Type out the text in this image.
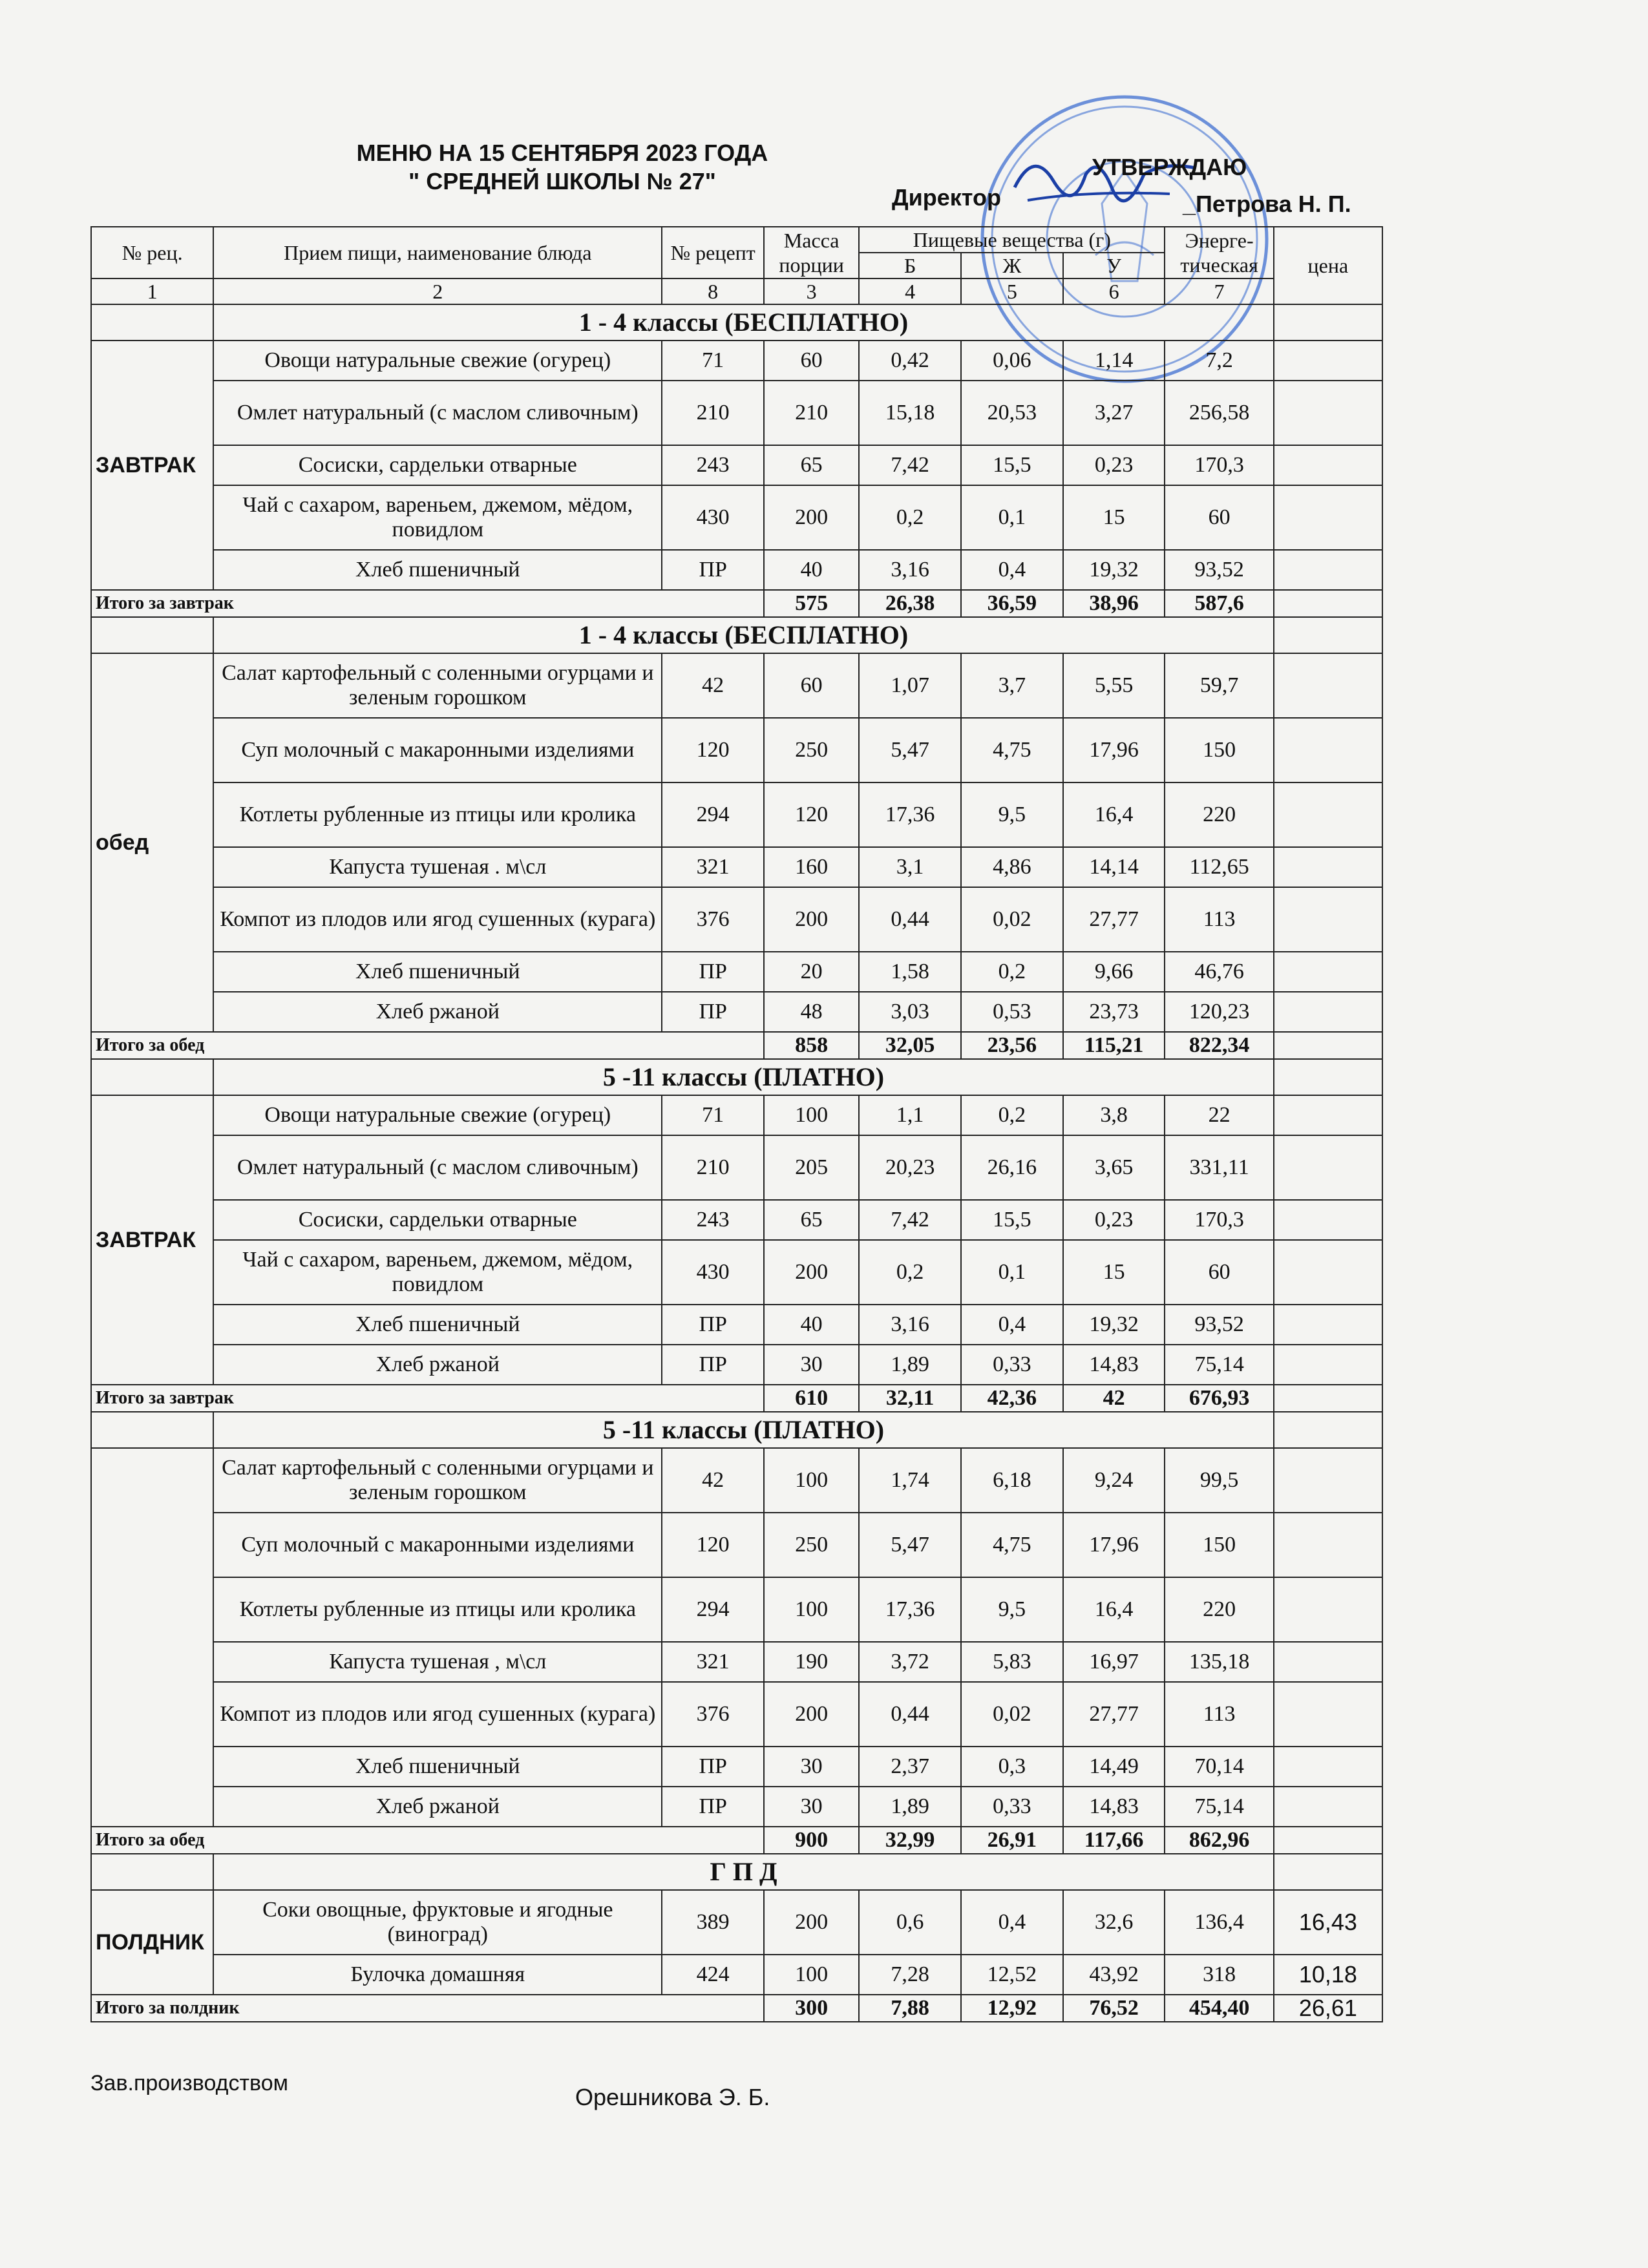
МЕНЮ НА 15 СЕНТЯБРЯ 2023 ГОДА
" СРЕДНЕЙ ШКОЛЫ № 27"
УТВЕРЖДАЮ
Директор	_Петрова Н. П.
№ рец.	Прием пищи, наименование блюда	№ рецепт	Масса порции	Пищевые вещества (г)			Энерге-тическая	цена
				Б	Ж	У		
1	2	8	3	4	5	6	7	
	1 - 4 классы (БЕСПЛАТНО)							
ЗАВТРАК	Овощи натуральные свежие (огурец)	71	60	0,42	0,06	1,14	7,2	
	Омлет натуральный (с маслом сливочным)	210	210	15,18	20,53	3,27	256,58	
	Сосиски, сардельки отварные	243	65	7,42	15,5	0,23	170,3	
	Чай с сахаром, вареньем, джемом, мёдом, повидлом	430	200	0,2	0,1	15	60	
	Хлеб пшеничный	ПР	40	3,16	0,4	19,32	93,52	
Итого за завтрак			575	26,38	36,59	38,96	587,6	
	1 - 4 классы (БЕСПЛАТНО)							
обед	Салат картофельный с соленными огурцами и зеленым горошком	42	60	1,07	3,7	5,55	59,7	
	Суп молочный с макаронными изделиями	120	250	5,47	4,75	17,96	150	
	Котлеты рубленные из птицы или кролика	294	120	17,36	9,5	16,4	220	
	Капуста тушеная . м\сл	321	160	3,1	4,86	14,14	112,65	
	Компот из плодов или ягод сушенных (курага)	376	200	0,44	0,02	27,77	113	
	Хлеб пшеничный	ПР	20	1,58	0,2	9,66	46,76	
	Хлеб ржаной	ПР	48	3,03	0,53	23,73	120,23	
Итого за обед			858	32,05	23,56	115,21	822,34	
	5 -11 классы (ПЛАТНО)							
ЗАВТРАК	Овощи натуральные свежие (огурец)	71	100	1,1	0,2	3,8	22	
	Омлет натуральный (с маслом сливочным)	210	205	20,23	26,16	3,65	331,11	
	Сосиски, сардельки отварные	243	65	7,42	15,5	0,23	170,3	
	Чай с сахаром, вареньем, джемом, мёдом, повидлом	430	200	0,2	0,1	15	60	
	Хлеб пшеничный	ПР	40	3,16	0,4	19,32	93,52	
	Хлеб ржаной	ПР	30	1,89	0,33	14,83	75,14	
Итого за завтрак			610	32,11	42,36	42	676,93	
	5 -11 классы (ПЛАТНО)							
	Салат картофельный с соленными огурцами и зеленым горошком	42	100	1,74	6,18	9,24	99,5	
	Суп молочный с макаронными изделиями	120	250	5,47	4,75	17,96	150	
	Котлеты рубленные из птицы или кролика	294	100	17,36	9,5	16,4	220	
	Капуста тушеная , м\сл	321	190	3,72	5,83	16,97	135,18	
	Компот из плодов или ягод сушенных (курага)	376	200	0,44	0,02	27,77	113	
	Хлеб пшеничный	ПР	30	2,37	0,3	14,49	70,14	
	Хлеб ржаной	ПР	30	1,89	0,33	14,83	75,14	
Итого за обед			900	32,99	26,91	117,66	862,96	
	Г П Д							
ПОЛДНИК	Соки овощные, фруктовые и ягодные (виноград)	389	200	0,6	0,4	32,6	136,4	16,43
	Булочка домашняя	424	100	7,28	12,52	43,92	318	10,18
Итого за полдник			300	7,88	12,92	76,52	454,40	26,61
Зав.производством
Орешникова Э. Б.
